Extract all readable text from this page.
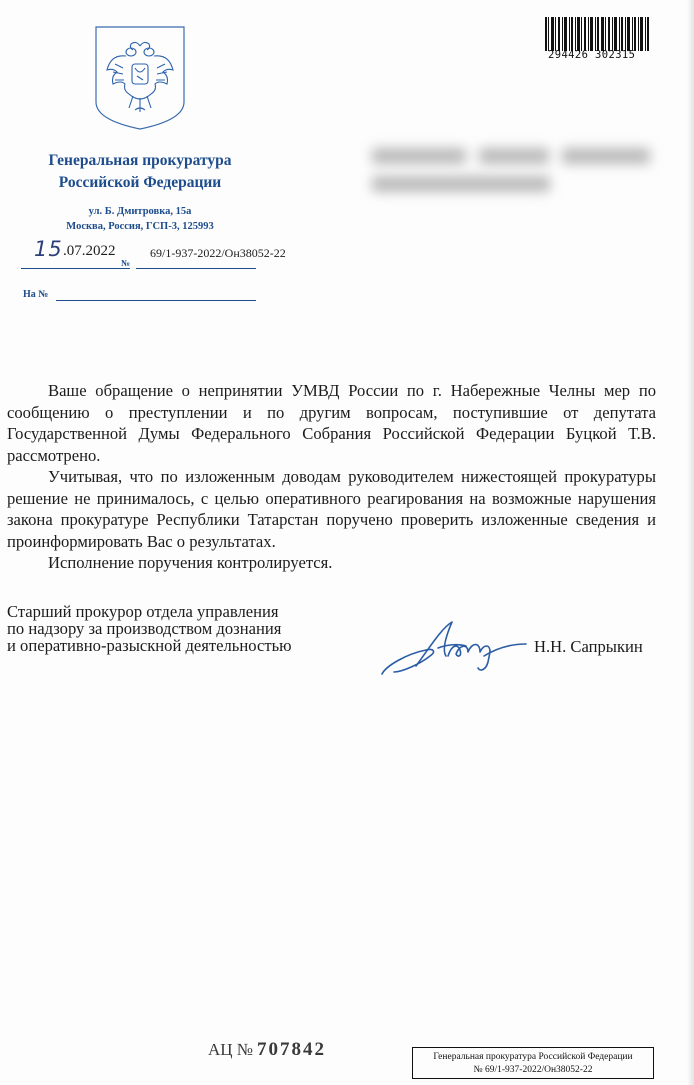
Генеральная прокуратура
Российской Федерации
ул. Б. Дмитровка, 15а
Москва, Россия, ГСП-3, 125993
15 .07.2022
№
69/1-937-2022/Он38052-22
На №

294426 302315

Ваше обращение о непринятии УМВД России по г. Набережные Челны мер по сообщению о преступлении и по другим вопросам, поступившие от депутата Государственной Думы Федерального Собрания Российской Федерации Буцкой Т.В. рассмотрено.

Учитывая, что по изложенным доводам руководителем нижестоящей прокуратуры решение не принималось, с целью оперативного реагирования на возможные нарушения закона прокуратуре Республики Татарстан поручено проверить изложенные сведения и проинформировать Вас о результатах.

Исполнение поручения контролируется.

Старший прокурор отдела управления
по надзору за производством дознания
и оперативно-разыскной деятельностью	Н.Н. Сапрыкин
АЦ № 707842	Генеральная прокуратура Российской Федерации
№ 69/1-937-2022/Он38052-22
